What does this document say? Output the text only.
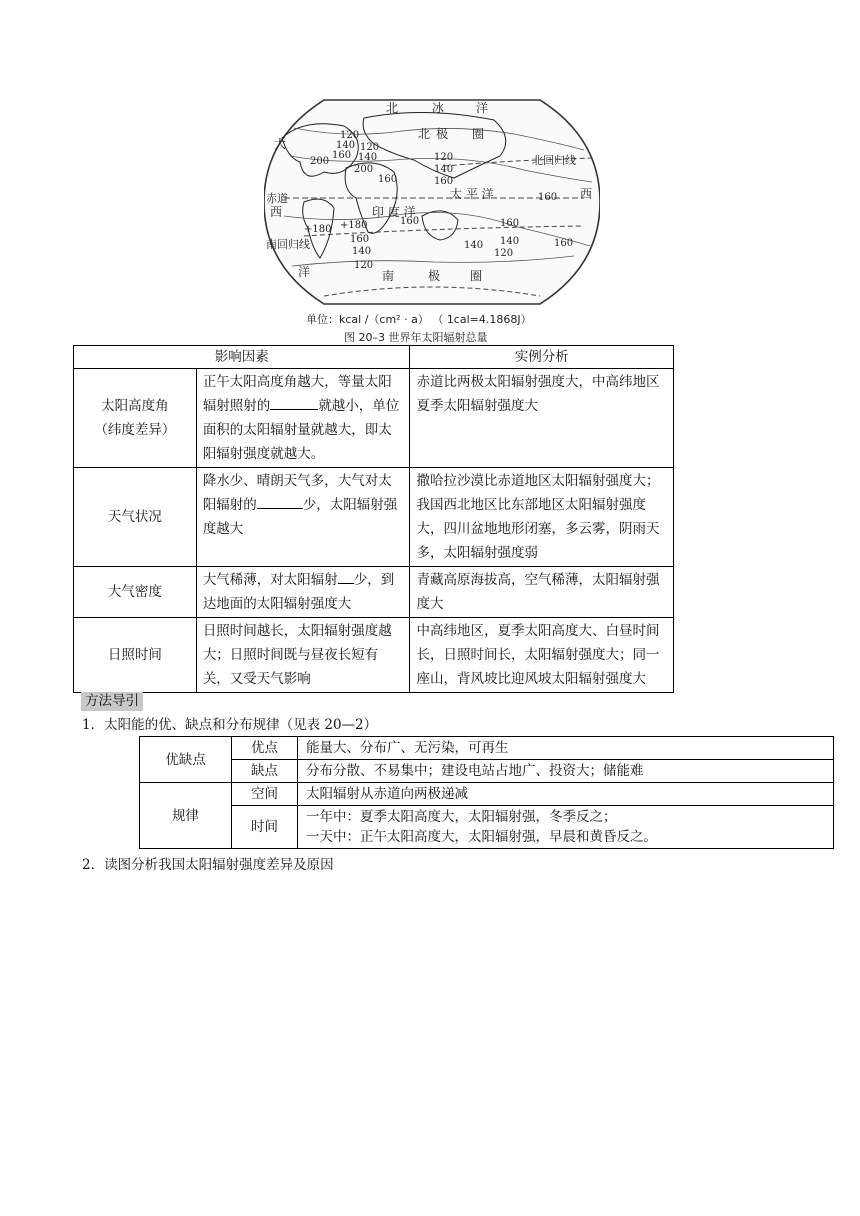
北	冰	洋
北 极 圈
北回归线
赤道
南回归线
印 度 洋
太 平 洋
南	极 圈
大
西
洋
西
120
140
160
200	120
140
160
200
120
140
160
160
+180 +180
160
140
160
160
140
120
120
140
160
单位：kcal /（cm² · a） （ 1cal=4.1868J）
图 20–3 世界年太阳辐射总量
影响因素		实例分析

太阳高度角
（纬度差异）	正午太阳高度角越大，等量太阳辐射照射的 就越小，单位面积的太阳辐射量就越大，即太阳辐射强度就越大。	赤道比两极太阳辐射强度大，中高纬地区夏季太阳辐射强度大
天气状况	降水少、晴朗天气多，大气对太阳辐射的 少，太阳辐射强度越大	撒哈拉沙漠比赤道地区太阳辐射强度大；我国西北地区比东部地区太阳辐射强度大，四川盆地地形闭塞，多云雾，阴雨天多，太阳辐射强度弱
大气密度	大气稀薄，对太阳辐射 少，到达地面的太阳辐射强度大	青藏高原海拔高，空气稀薄，太阳辐射强度大
日照时间	日照时间越长，太阳辐射强度越大；日照时间既与昼夜长短有关，又受天气影响	中高纬地区，夏季太阳高度大、白昼时间长，日照时间长，太阳辐射强度大；同一座山，背风坡比迎风坡太阳辐射强度大
方法导引
1．太阳能的优、缺点和分布规律（见表 20—2）
优缺点	优点	能量大、分布广、无污染，可再生
	缺点	分布分散、不易集中；建设电站占地广、投资大；储能难
规律	空间	太阳辐射从赤道向两极递减
	时间	一年中：夏季太阳高度大，太阳辐射强，冬季反之；
一天中：正午太阳高度大，太阳辐射强，早晨和黄昏反之。
2．读图分析我国太阳辐射强度差异及原因
